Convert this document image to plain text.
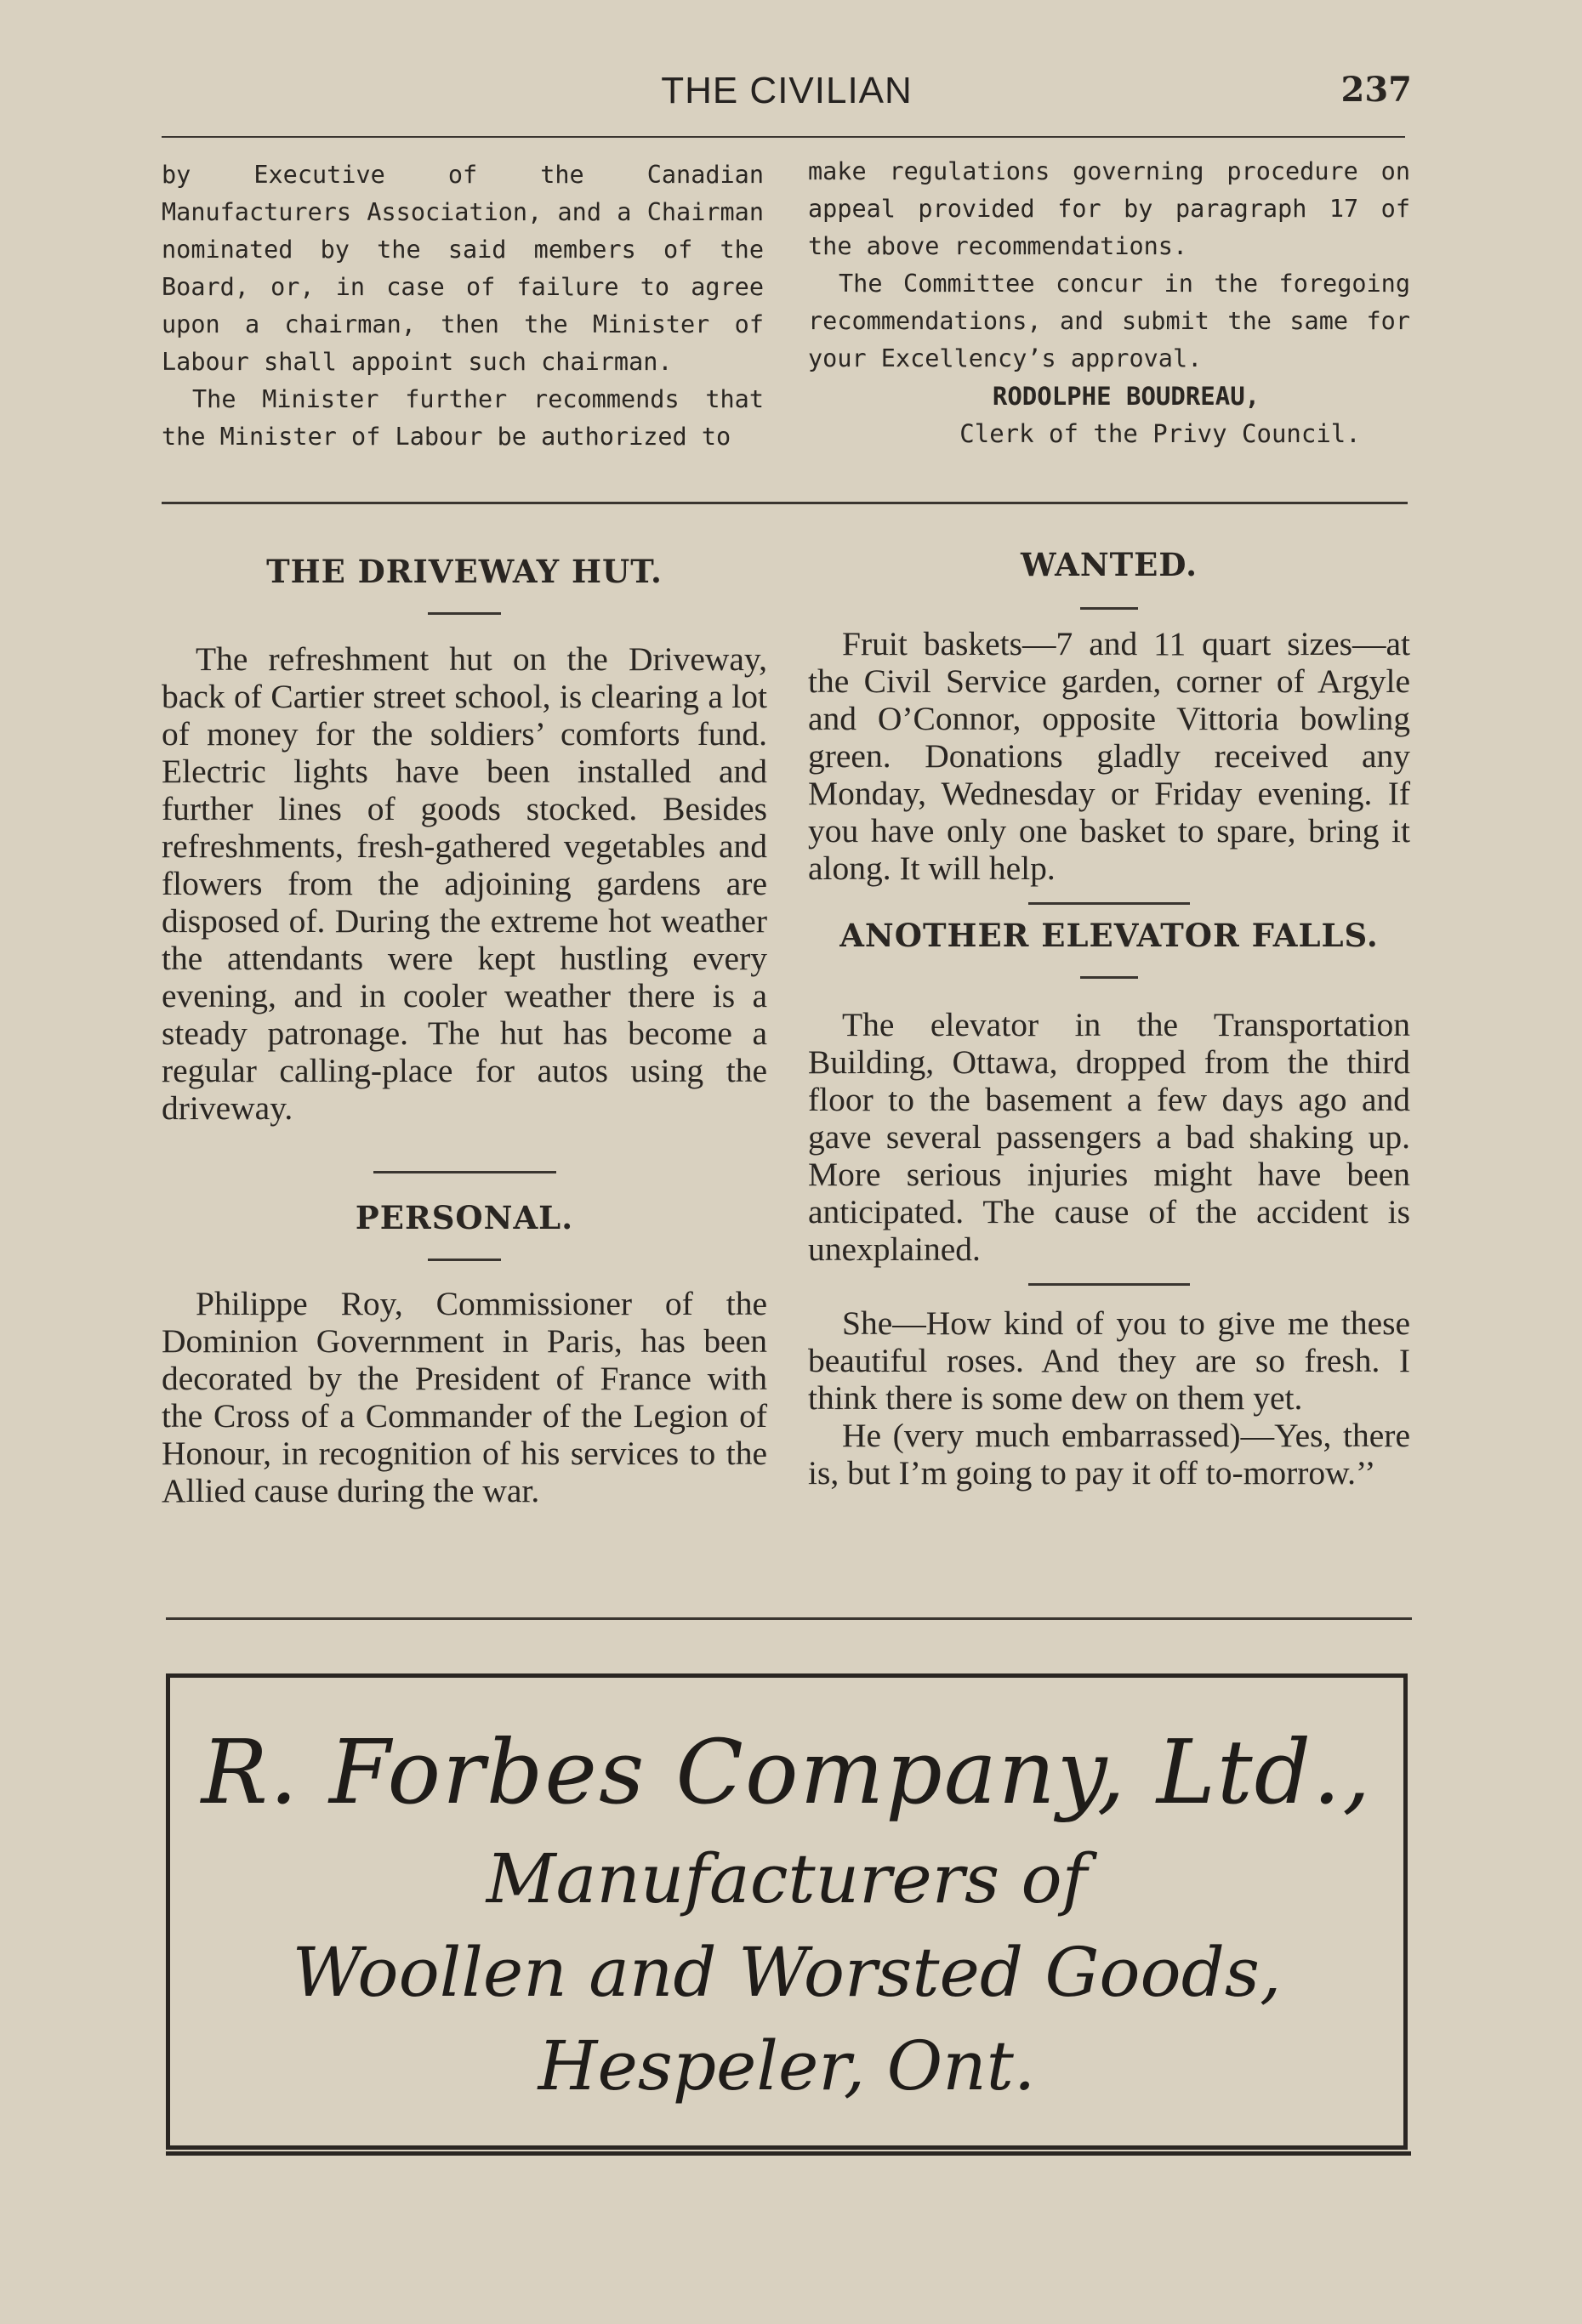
THE CIVILIAN	237

by Executive of the Canadian Manufacturers Association, and a Chairman nominated by the said members of the Board, or, in case of failure to agree upon a chairman, then the Minister of Labour shall appoint such chairman.

The Minister further recommends that the Minister of Labour be authorized to

make regulations governing procedure on appeal provided for by paragraph 17 of the above recommendations.

The Committee concur in the foregoing recommendations, and submit the same for your Excellency’s approval.

RODOLPHE BOUDREAU,
Clerk of the Privy Council.
THE DRIVEWAY HUT.

The refreshment hut on the Driveway, back of Cartier street school, is clearing a lot of money for the soldiers’ comforts fund. Electric lights have been installed and further lines of goods stocked. Besides refreshments, fresh-gathered vegetables and flowers from the adjoining gardens are disposed of. During the extreme hot weather the attendants were kept hustling every evening, and in cooler weather there is a steady patronage. The hut has become a regular calling-place for autos using the driveway.

PERSONAL.

Philippe Roy, Commissioner of the Dominion Government in Paris, has been decorated by the President of France with the Cross of a Commander of the Legion of Honour, in recognition of his services to the Allied cause during the war.

WANTED.

Fruit baskets—7 and 11 quart sizes—at the Civil Service garden, corner of Argyle and O’Connor, opposite Vittoria bowling green. Donations gladly received any Monday, Wednesday or Friday evening. If you have only one basket to spare, bring it along. It will help.

ANOTHER ELEVATOR FALLS.

The elevator in the Transportation Building, Ottawa, dropped from the third floor to the basement a few days ago and gave several passengers a bad shaking up. More serious injuries might have been anticipated. The cause of the accident is unexplained.

She—How kind of you to give me these beautiful roses. And they are so fresh. I think there is some dew on them yet.

He (very much embarrassed)—Yes, there is, but I’m going to pay it off to-morrow.’’

R. Forbes Company, Ltd.,
Manufacturers of
Woollen and Worsted Goods,
Hespeler, Ont.
